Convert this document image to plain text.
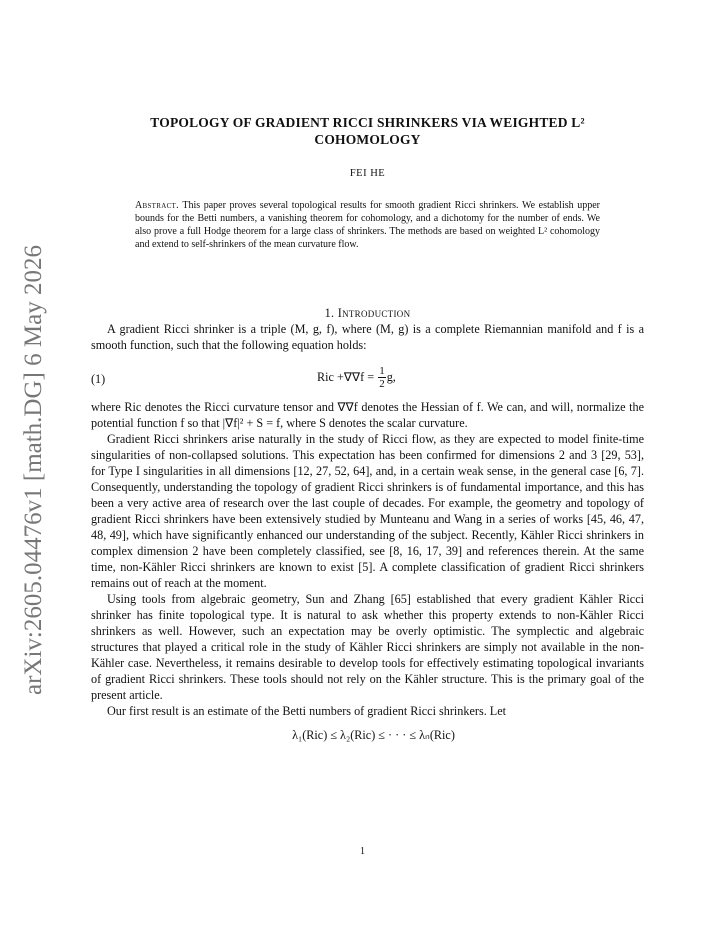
arXiv:2605.04476v1 [math.DG] 6 May 2026
TOPOLOGY OF GRADIENT RICCI SHRINKERS VIA WEIGHTED L²
COHOMOLOGY
FEI HE
Abstract. This paper proves several topological results for smooth gradient Ricci shrinkers. We establish upper bounds for the Betti numbers, a vanishing theorem for cohomology, and a dichotomy for the number of ends. We also prove a full Hodge theorem for a large class of shrinkers. The methods are based on weighted L² cohomology and extend to self-shrinkers of the mean curvature flow.
1. Introduction

A gradient Ricci shrinker is a triple (M, g, f), where (M, g) is a complete Riemannian manifold and f is a smooth function, such that the following equation holds:

(1)	Ric +∇∇f =
$\frac{1}{2} g$,

where Ric denotes the Ricci curvature tensor and ∇∇f denotes the Hessian of f. We can, and will, normalize the potential function f so that |∇f|² + S = f, where S denotes the scalar curvature.

Gradient Ricci shrinkers arise naturally in the study of Ricci flow, as they are expected to model finite-time singularities of non-collapsed solutions. This expectation has been confirmed for dimensions 2 and 3 [29, 53], for Type I singularities in all dimensions [12, 27, 52, 64], and, in a certain weak sense, in the general case [6, 7]. Consequently, understanding the topology of gradient Ricci shrinkers is of fundamental importance, and this has been a very active area of research over the last couple of decades. For example, the geometry and topology of gradient Ricci shrinkers have been extensively studied by Munteanu and Wang in a series of works [45, 46, 47, 48, 49], which have significantly enhanced our understanding of the subject. Recently, Kähler Ricci shrinkers in complex dimension 2 have been completely classified, see [8, 16, 17, 39] and references therein. At the same time, non-Kähler Ricci shrinkers are known to exist [5]. A complete classification of gradient Ricci shrinkers remains out of reach at the moment.

Using tools from algebraic geometry, Sun and Zhang [65] established that every gradient Kähler Ricci shrinker has finite topological type. It is natural to ask whether this property extends to non-Kähler Ricci shrinkers as well. However, such an expectation may be overly optimistic. The symplectic and algebraic structures that played a critical role in the study of Kähler Ricci shrinkers are simply not available in the non-Kähler case. Nevertheless, it remains desirable to develop tools for effectively estimating topological invariants of gradient Ricci shrinkers. These tools should not rely on the Kähler structure. This is the primary goal of the present article.

Our first result is an estimate of the Betti numbers of gradient Ricci shrinkers. Let

λ₁(Ric) ≤ λ₂(Ric) ≤ · · · ≤ λₙ(Ric)
1
